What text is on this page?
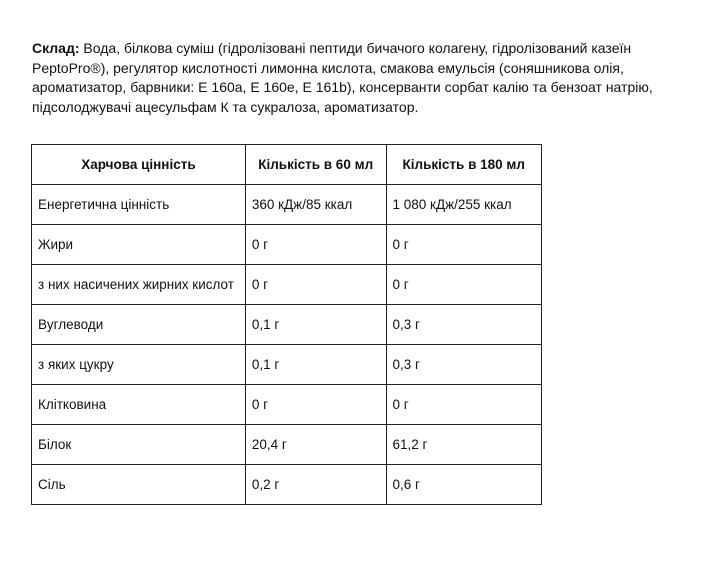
Склад: Вода, білкова суміш (гідролізовані пептиди бичачого колагену, гідролізований казеїн PeptoPro®), регулятор кислотності лимонна кислота, смакова емульсія (соняшникова олія, ароматизатор, барвники: E 160a, E 160e, E 161b), консерванти сорбат калію та бензоат натрію, підсолоджувачі ацесульфам К та сукралоза, ароматизатор.
Харчова цінність	Кількість в 60 мл	Кількість в 180 мл
Енергетична цінність	360 кДж/85 ккал	1 080 кДж/255 ккал
Жири	0 г	0 г
з них насичених жирних кислот	0 г	0 г
Вуглеводи	0,1 г	0,3 г
з яких цукру	0,1 г	0,3 г
Клітковина	0 г	0 г
Білок	20,4 г	61,2 г
Сіль	0,2 г	0,6 г
